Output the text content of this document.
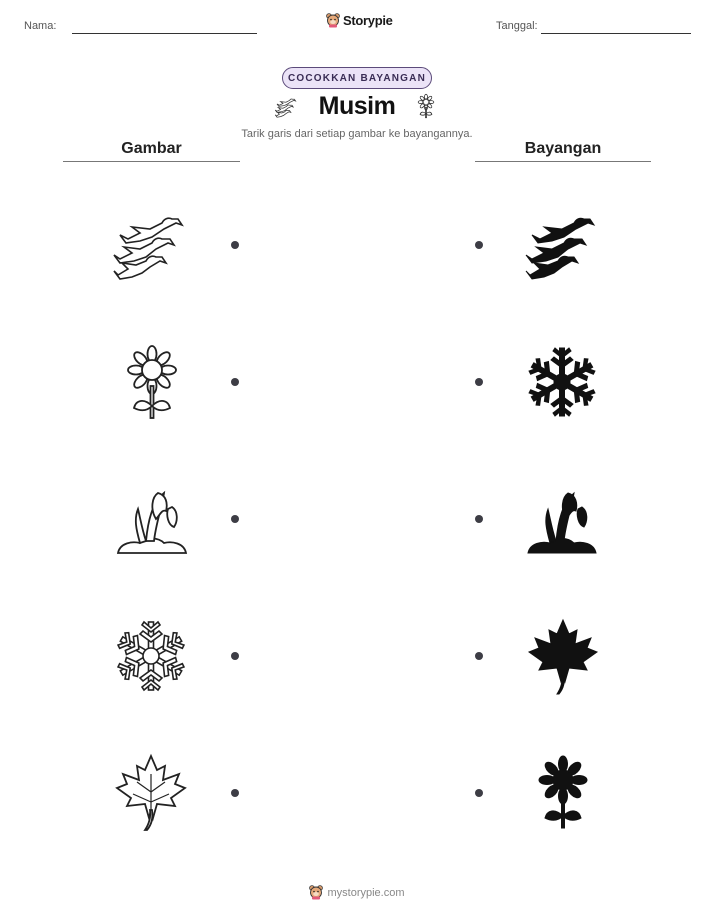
Nama:	Storypie	Tanggal:
COCOKKAN BAYANGAN
Musim
Tarik garis dari setiap gambar ke bayangannya.
Gambar	Bayangan
mystorypie.com
